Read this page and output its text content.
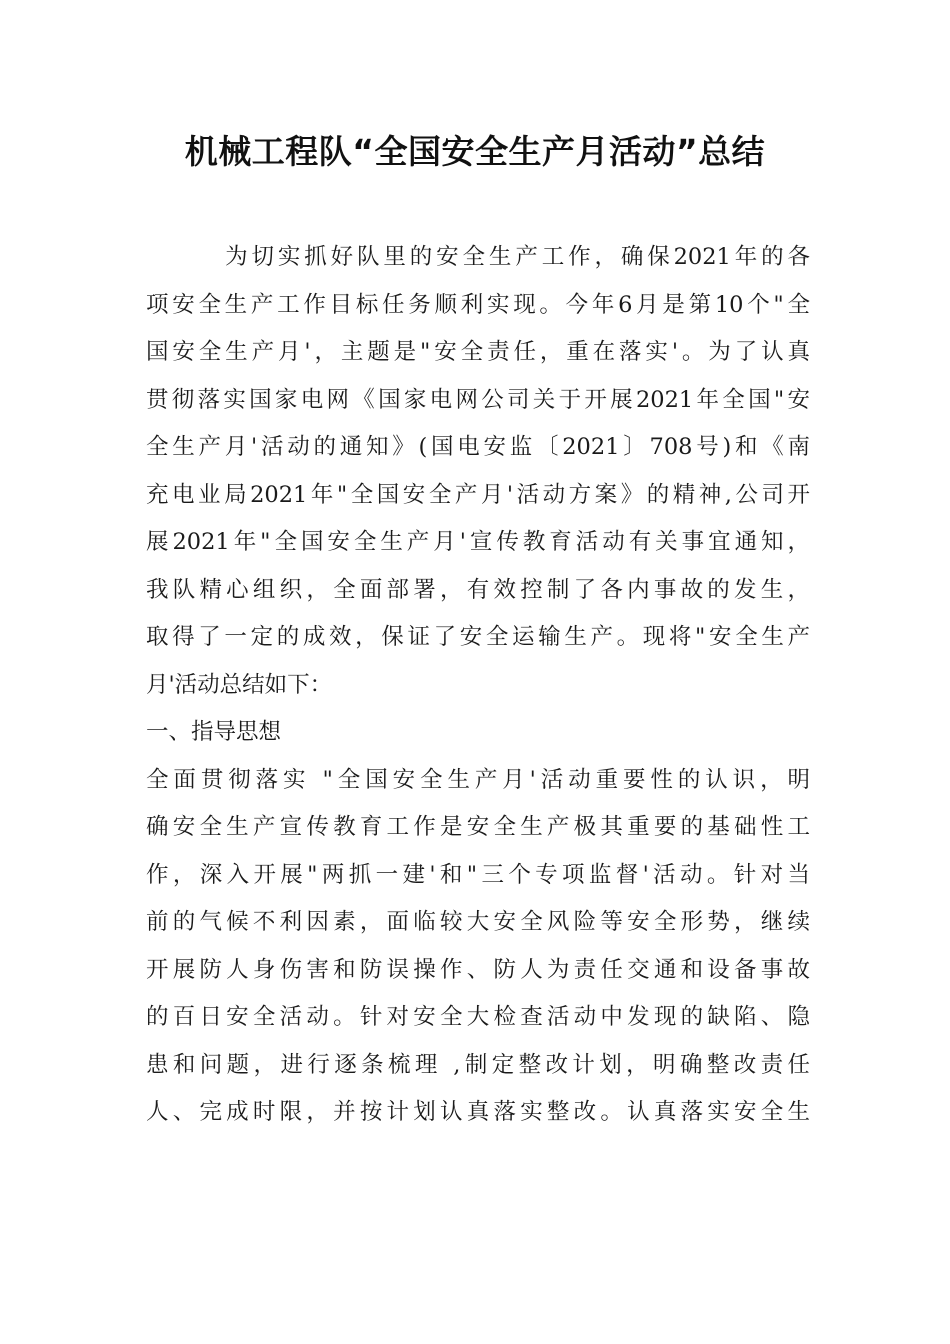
机械工程队“全国安全生产月活动”总结
　　　为切实抓好队里的安全生产工作，确保2021年的各
项安全生产工作目标任务顺利实现。今年6月是第10个"全
国安全生产月'，主题是"安全责任，重在落实'。为了认真
贯彻落实国家电网《国家电网公司关于开展2021年全国"安
全生产月'活动的通知》(国电安监〔2021〕708号)和《南
充电业局2021年"全国安全产月'活动方案》的精神,公司开
展2021年"全国安全生产月'宣传教育活动有关事宜通知，
我队精心组织，全面部署，有效控制了各内事故的发生，
取得了一定的成效，保证了安全运输生产。现将"安全生产
月'活动总结如下：
一、指导思想
全面贯彻落实 "全国安全生产月'活动重要性的认识，明
确安全生产宣传教育工作是安全生产极其重要的基础性工
作，深入开展"两抓一建'和"三个专项监督'活动。针对当
前的气候不利因素，面临较大安全风险等安全形势，继续
开展防人身伤害和防误操作、防人为责任交通和设备事故
的百日安全活动。针对安全大检查活动中发现的缺陷、隐
患和问题，进行逐条梳理 ,制定整改计划，明确整改责任
人、完成时限，并按计划认真落实整改。认真落实安全生
